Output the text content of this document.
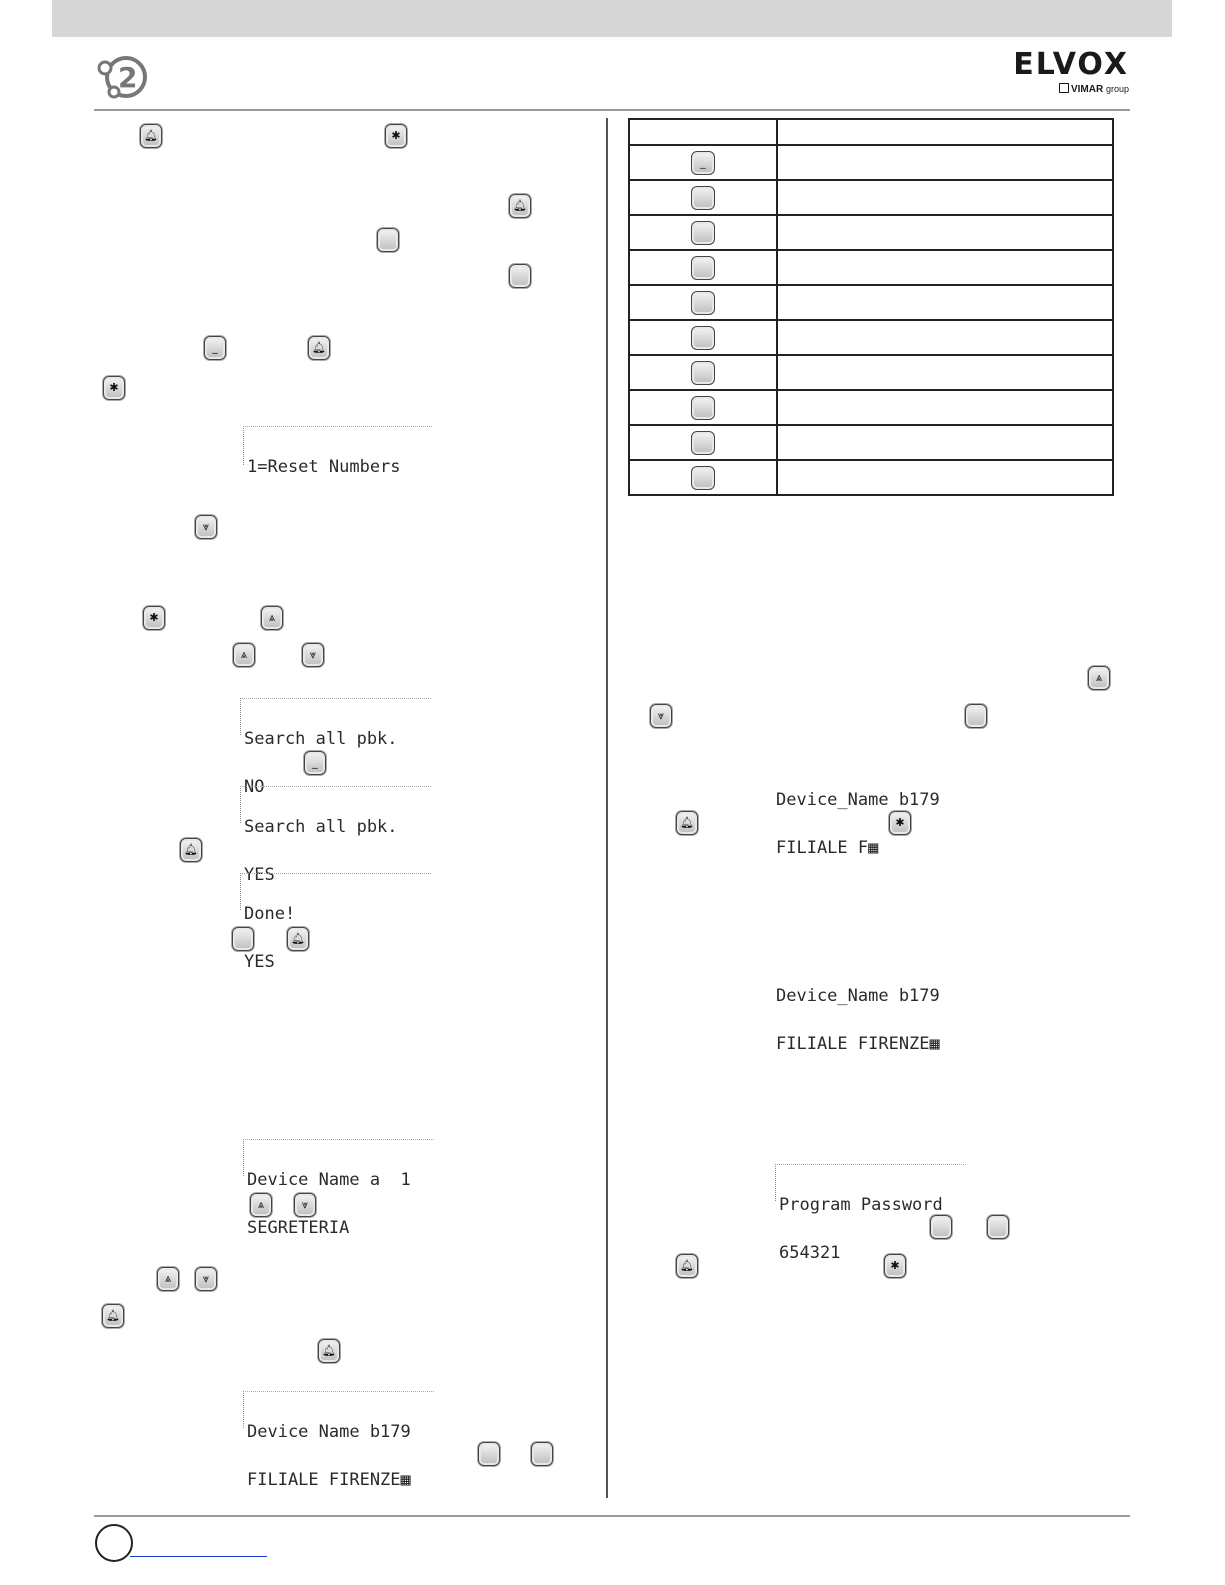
2	ELVOX
VIMAR group
🔔︎	✱
🔔︎
_	🔔︎
✱

1=Reset Numbers

⩔
✱	⩓
⩓	⩔

Search all pbk.

NO

_

Search all pbk.

YES

🔔︎

Done!

YES

🔔︎

Device Name a  1

SEGRETERIA

⩓	⩔
⩓	⩔
🔔︎
🔔︎

Device Name b179

FILIALE FIRENZE▦

_	

⩓
⩔

Device_Name b179

FILIALE F▦

🔔︎	✱

Device_Name b179

FILIALE FIRENZE▦

Program Password

654321

🔔︎	✱
